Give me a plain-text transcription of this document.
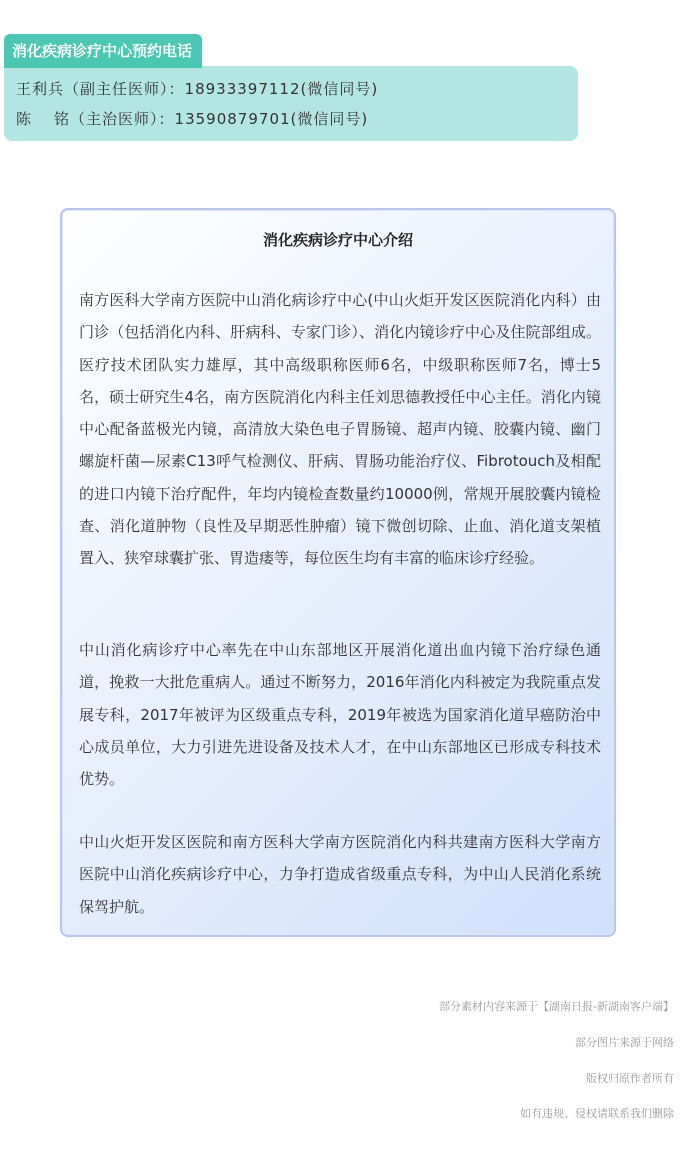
消化疾病诊疗中心预约电话
王利兵（副主任医师）：18933397112(微信同号)
陈 铭（主治医师）：13590879701(微信同号)
消化疾病诊疗中心介绍

南方医科大学南方医院中山消化病诊疗中心(中山火炬开发区医院消化内科）由门诊（包括消化内科、肝病科、专家门诊）、消化内镜诊疗中心及住院部组成。医疗技术团队实力雄厚，其中高级职称医师6名，中级职称医师7名，博士5名，硕士研究生4名，南方医院消化内科主任刘思德教授任中心主任。消化内镜中心配备蓝极光内镜，高清放大染色电子胃肠镜、超声内镜、胶囊内镜、幽门螺旋杆菌—尿素C13呼气检测仪、肝病、胃肠功能治疗仪、Fibrotouch及相配的进口内镜下治疗配件，年均内镜检查数量约10000例，常规开展胶囊内镜检查、消化道肿物（良性及早期恶性肿瘤）镜下微创切除、止血、消化道支架植置入、狭窄球囊扩张、胃造瘘等，每位医生均有丰富的临床诊疗经验。

中山消化病诊疗中心率先在中山东部地区开展消化道出血内镜下治疗绿色通道，挽救一大批危重病人。通过不断努力，2016年消化内科被定为我院重点发展专科，2017年被评为区级重点专科，2019年被选为国家消化道早癌防治中心成员单位，大力引进先进设备及技术人才，在中山东部地区已形成专科技术优势。

中山火炬开发区医院和南方医科大学南方医院消化内科共建南方医科大学南方医院中山消化疾病诊疗中心，力争打造成省级重点专科，为中山人民消化系统保驾护航。

部分素材内容来源于【湖南日报-新湖南客户端】
部分图片来源于网络
版权归原作者所有
如有违规、侵权请联系我们删除
